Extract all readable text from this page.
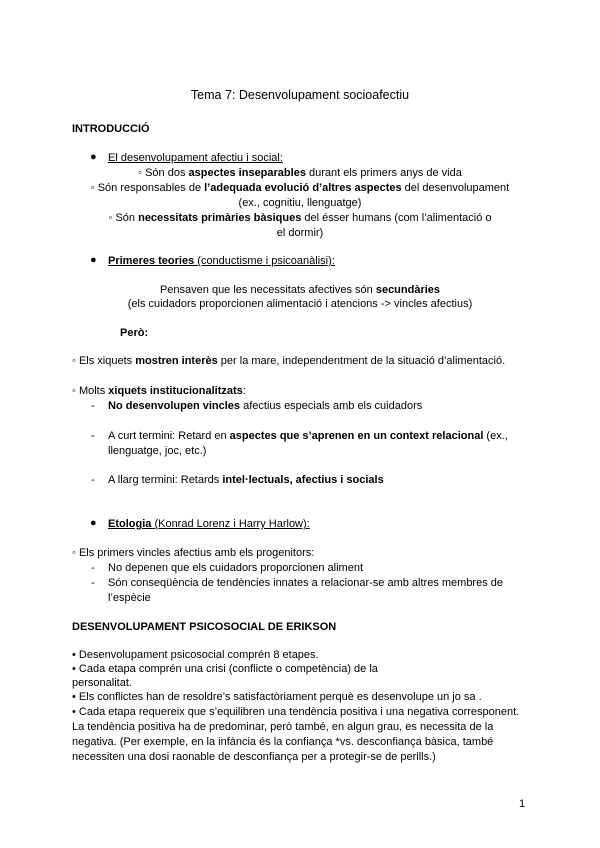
Tema 7: Desenvolupament socioafectiu
INTRODUCCIÓ
● El desenvolupament afectiu i social:
◦ Són dos aspectes inseparables durant els primers anys de vida
◦ Són responsables de l’adequada evolució d’altres aspectes del desenvolupament
(ex., cognitiu, llenguatge)
◦ Són necessitats primàries bàsiques del ésser humans (com l’alimentació o
el dormir)
● Primeres teories (conductisme i psicoanàlisi):
Pensaven que les necessitats afectives són secundàries
(els cuidadors proporcionen alimentació i atencions -> vincles afectius)
Però:
◦ Els xiquets mostren interès per la mare, independentment de la situació d’alimentació.
◦ Molts xiquets institucionalitzats:
- No desenvolupen vincles afectius especials amb els cuidadors
- A curt termini: Retard en aspectes que s’aprenen en un context relacional (ex.,
llenguatge, joc, etc.)
- A llarg termini: Retards intel·lectuals, afectius i socials
● Etologia (Konrad Lorenz i Harry Harlow):
◦ Els primers vincles afectius amb els progenitors:
- No depenen que els cuidadors proporcionen aliment
- Són conseqüència de tendències innates a relacionar-se amb altres membres de
l’espècie
DESENVOLUPAMENT PSICOSOCIAL DE ERIKSON
• Desenvolupament psicosocial comprén 8 etapes.
• Cada etapa comprén una crisi (conflicte o competència) de la
personalitat.
• Els conflictes han de resoldre’s satisfactòriament perquè es desenvolupe un jo sa .
• Cada etapa requereix que s’equilibren una tendència positiva i una negativa corresponent.
La tendència positiva ha de predominar, però també, en algun grau, es necessita de la
negativa. (Per exemple, en la infància és la confiança *vs. desconfiança bàsica, també
necessiten una dosi raonable de desconfiança per a protegir-se de perills.)
1
